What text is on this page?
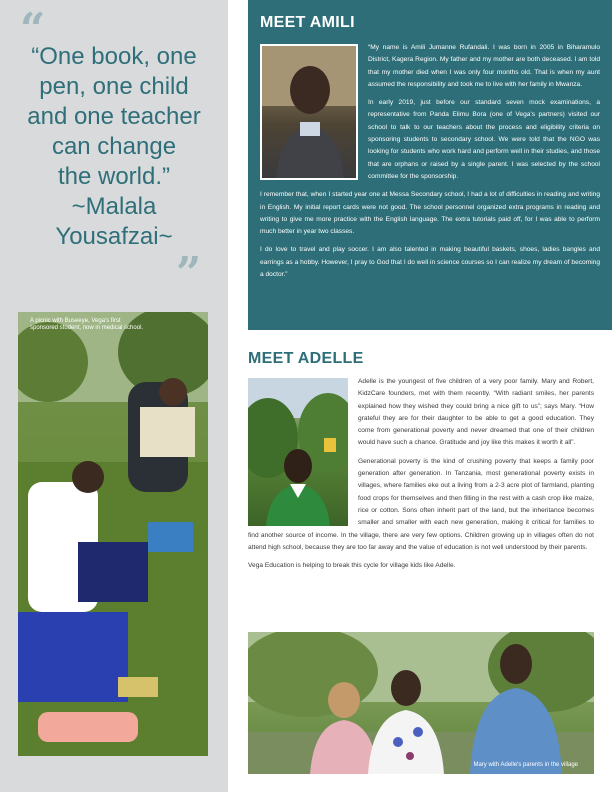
“
“One book, one
pen, one child
and one teacher
can change
the world.”
~Malala
Yousafzai~
”
A picnic with Buseeye, Vega's first sponsored student, now in medical school.
MEET AMILI

“My name is Amili Jumanne Rufandali. I was born in 2005 in Biharamulo District, Kagera Region. My father and my mother are both deceased. I am told that my mother died when I was only four months old. That is when my aunt assumed the responsibility and took me to live with her family in Mwanza.

In early 2019, just before our standard seven mock examinations, a representative from Panda Elimu Bora (one of Vega's partners) visited our school to talk to our teachers about the process and eligibility criteria on sponsoring students to secondary school. We were told that the NGO was looking for students who work hard and perform well in their studies, and those that are orphans or raised by a single parent. I was selected by the school committee for the sponsorship.

I remember that, when I started year one at Messa Secondary school, I had a lot of difficulties in reading and writing in English. My initial report cards were not good. The school personnel organized extra programs in reading and writing to give me more practice with the English language. The extra tutorials paid off, for I was able to perform much better in year two classes.

I do love to travel and play soccer. I am also talented in making beautiful baskets, shoes, ladies bangles and earrings as a hobby. However, I pray to God that I do well in science courses so I can realize my dream of becoming a doctor.”

MEET ADELLE

Adelle is the youngest of five children of a very poor family. Mary and Robert, KidzCare founders, met with them recently. “With radiant smiles, her parents explained how they wished they could bring a nice gift to us”; says Mary. “How grateful they are for their daughter to be able to get a good education. They come from generational poverty and never dreamed that one of their children would have such a chance. Gratitude and joy like this makes it worth it all”.

Generational poverty is the kind of crushing poverty that keeps a family poor generation after generation. In Tanzania, most generational poverty exists in villages, where families eke out a living from a 2-3 acre plot of farmland, planting food crops for themselves and then filling in the rest with a cash crop like maize, rice or cotton. Sons often inherit part of the land, but the inheritance becomes smaller and smaller with each new generation, making it critical for families to find another source of income. In the village, there are very few options. Children growing up in villages often do not attend high school, because they are too far away and the value of education is not well understood by their parents.

Vega Education is helping to break this cycle for village kids like Adelle.

Mary with Adelle's parents in the village
